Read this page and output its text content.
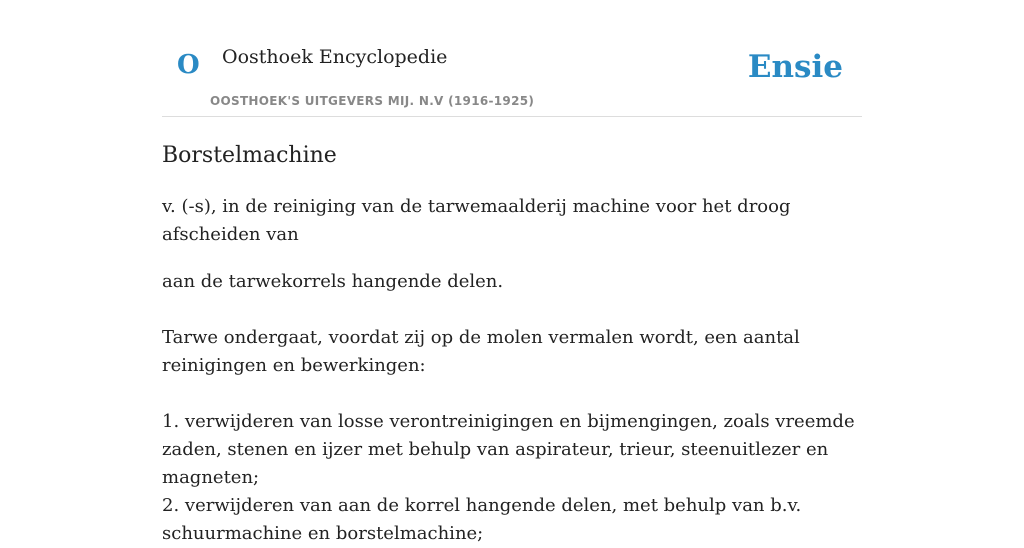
O Oosthoek Encyclopedie
OOSTHOEK'S UITGEVERS MIJ. N.V (1916-1925)
Ensie
Borstelmachine

v. (-s), in de reiniging van de tarwemaalderij machine voor het droog afscheiden van

aan de tarwekorrels hangende delen.

Tarwe ondergaat, voordat zij op de molen vermalen wordt, een aantal reinigingen en bewerkingen:

1. verwijderen van losse verontreinigingen en bijmengingen, zoals vreemde zaden, stenen en ijzer met behulp van aspirateur, trieur, steenuitlezer en magneten;

2. verwijderen van aan de korrel hangende delen, met behulp van b.v. schuurmachine en borstelmachine;
